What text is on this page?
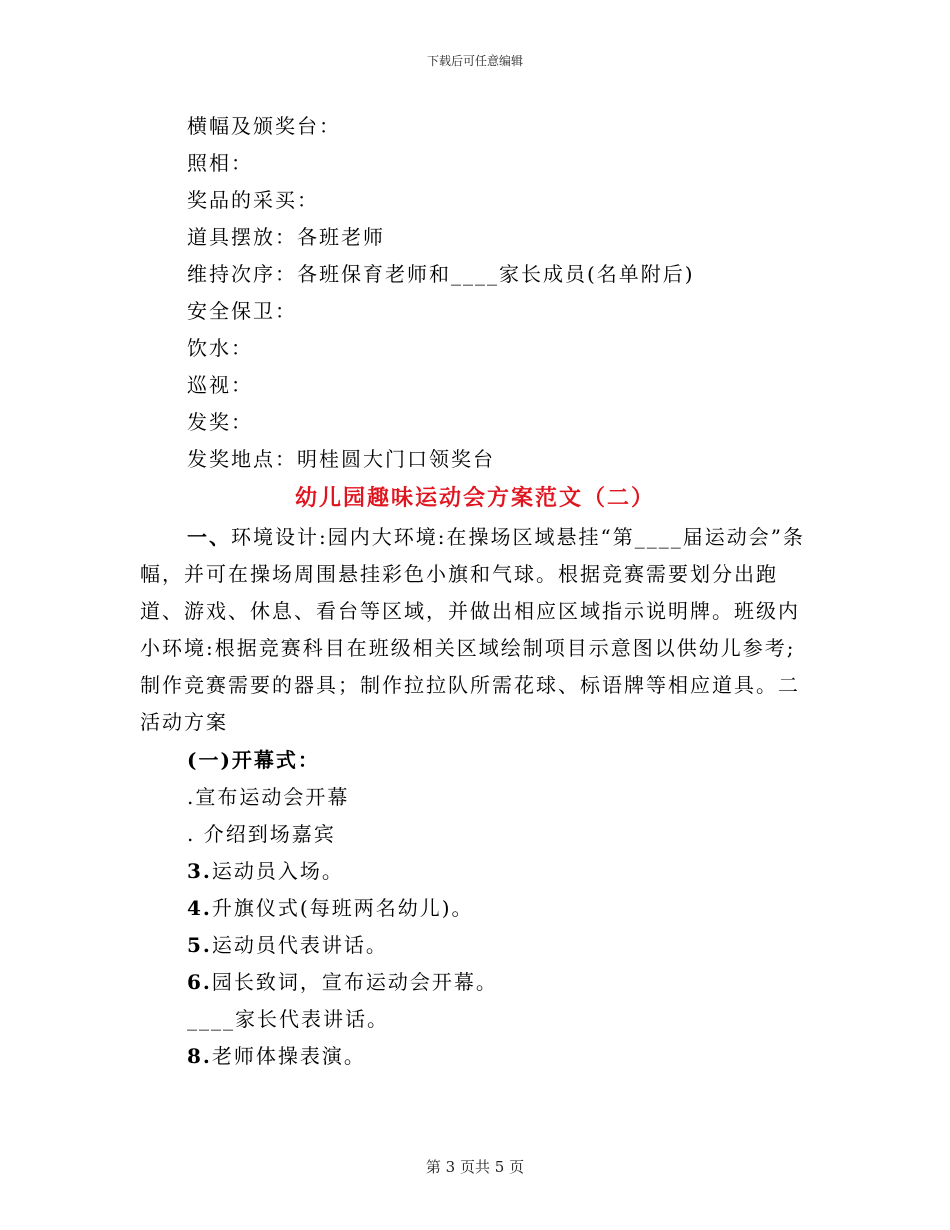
下载后可任意编辑
横幅及颁奖台：
照相：
奖品的采买：
道具摆放：各班老师
维持次序：各班保育老师和____家长成员(名单附后)
安全保卫：
饮水：
巡视：
发奖：
发奖地点：明桂圆大门口领奖台
幼儿园趣味运动会方案范文（二）
一、环境设计:园内大环境:在操场区域悬挂“第____届运动会”条幅，并可在操场周围悬挂彩色小旗和气球。根据竞赛需要划分出跑道、游戏、休息、看台等区域，并做出相应区域指示说明牌。班级内小环境:根据竞赛科目在班级相关区域绘制项目示意图以供幼儿参考;制作竞赛需要的器具；制作拉拉队所需花球、标语牌等相应道具。二活动方案
(一)开幕式：
.宣布运动会开幕
. 介绍到场嘉宾
3.运动员入场。
4.升旗仪式(每班两名幼儿)。
5.运动员代表讲话。
6.园长致词，宣布运动会开幕。
____家长代表讲话。
8.老师体操表演。
第 3 页共 5 页
